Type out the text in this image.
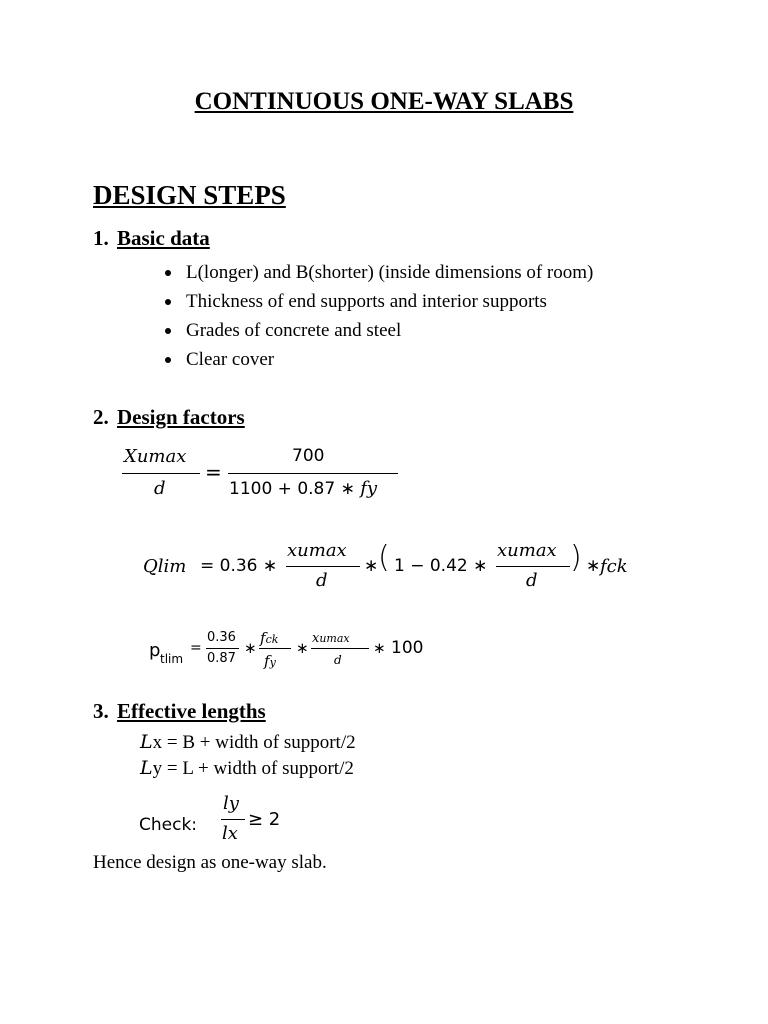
CONTINUOUS ONE-WAY SLABS
DESIGN STEPS
1. Basic data
L(longer) and B(shorter) (inside dimensions of room)
Thickness of end supports and interior supports
Grades of concrete and steel
Clear cover
2. Design factors
Xumax
d
=
700
1100 + 0.87 ∗ fy
Qlim = 0.36 ∗
xumax
d
∗ ( 1 − 0.42 ∗
xumax
d
) ∗ fck
p tlim
=
0.36
0.87
∗
fck
fy
∗
xumax
d
∗ 100
3. Effective lengths
Lx = B + width of support/2
Ly = L + width of support/2
Check:
ly
lx
≥ 2
Hence design as one-way slab.
